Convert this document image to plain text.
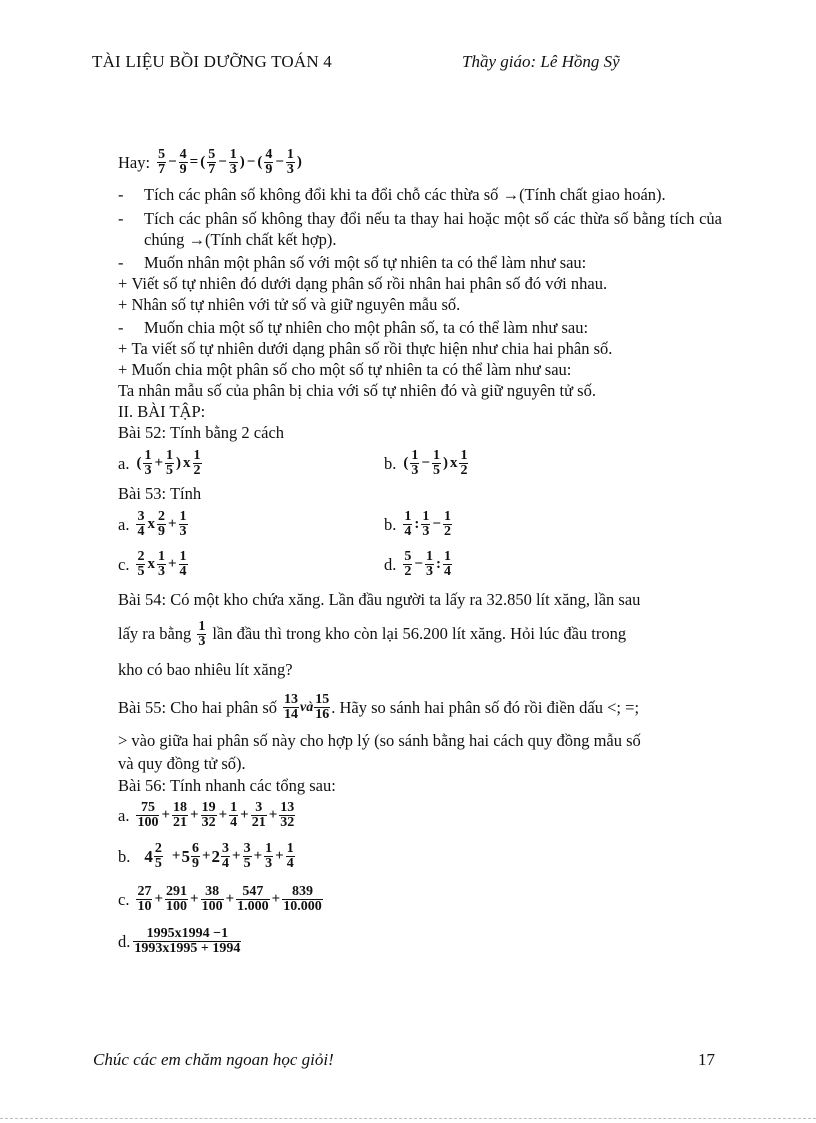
TÀI LIỆU BỒI DƯỠNG TOÁN 4	Thầy giáo: Lê Hồng Sỹ
Hay: 5
$7 - \frac{4}{9}$ = ( 5
$7 - \frac{1}{3}$ ) − ( 4
$9 - \frac{1}{3}$ )
-	Tích các phân số không đổi khi ta đổi chỗ các thừa số →(Tính chất giao hoán).
-	Tích các phân số không thay đổi nếu ta thay hai hoặc một số các thừa số bằng tích của chúng →(Tính chất kết hợp).
-	Muốn nhân một phân số với một số tự nhiên ta có thể làm như sau:
+
Viết số tự nhiên đó dưới dạng phân số rồi nhân hai phân số đó với nhau.
+
Nhân số tự nhiên với tử số và giữ nguyên mẫu số.
-	Muốn chia một số tự nhiên cho một phân số, ta có thể làm như sau:
+
Ta viết số tự nhiên dưới dạng phân số rồi thực hiện như chia hai phân số.
+
Muốn chia một phân số cho một số tự nhiên ta có thể làm như sau:
Ta nhân mẫu số của phân bị chia với số tự nhiên đó và giữ nguyên tử số.
II. BÀI TẬP:
Bài 52: Tính bằng 2 cách
a. ( 1
$3 + \frac{1}{5}$ ) x 1
2	b. ( 1
$3 - \frac{1}{5}$ ) x 1
2
Bài 53: Tính
a. 3
4 x 2
$9 + \frac{1}{3}$	b. 1
4 : 1
$3 - \frac{1}{2}$
c. 2
5 x 1
$3 + \frac{1}{4}$	d. 5
$2 - \frac{1}{3}$ : 1
4
Bài 54: Có một kho chứa xăng. Lần đầu người ta lấy ra 32.850 lít xăng, lần sau
lấy ra bằng 1
3 lần đầu thì trong kho còn lại 56.200 lít xăng. Hỏi lúc đầu trong
kho có bao nhiêu lít xăng?
Bài 55: Cho hai phân số 13
14 và
15
16 . Hãy so sánh hai phân số đó rồi điền dấu <; =;
> vào giữa hai phân số này cho hợp lý (so sánh bằng hai cách quy đồng mẫu số
và quy đồng tử số).
Bài 56: Tính nhanh các tổng sau:
a. 75
$100 + \frac{18}{21} + \frac{19}{32} + \frac{1}{4} + \frac{3}{21} + \frac{13}{32}$
b. 4 2
5 + 5 6
9 + 2 3
$4 + \frac{3}{5} + \frac{1}{3} + \frac{1}{4}$
c. 27
$10 + \frac{291}{100} + \frac{38}{100} + \frac{547}{1.000} + \frac{839}{10.000}$
d. 1995x1994 −1
1993x1995 + 1994
Chúc các em chăm ngoan học giỏi!	17
